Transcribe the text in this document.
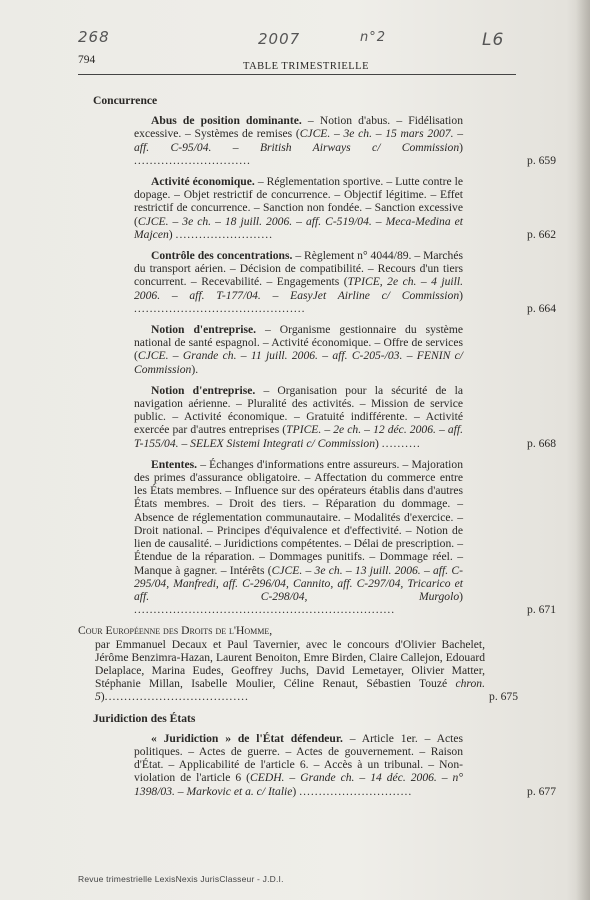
268	2007	n°2	L6
794
TABLE TRIMESTRIELLE
Concurrence
Abus de position dominante. – Notion d'abus. – Fidélisation excessive. – Systèmes de remises (CJCE. – 3e ch. – 15 mars 2007. – aff. C-95/04. – British Airways c/ Commission) ..............................	p. 659
Activité économique. – Réglementation sportive. – Lutte contre le dopage. – Objet restrictif de concurrence. – Objectif légitime. – Effet restrictif de concurrence. – Sanction non fondée. – Sanction excessive (CJCE. – 3e ch. – 18 juill. 2006. – aff. C-519/04. – Meca-Medina et Majcen) .........................	p. 662
Contrôle des concentrations. – Règlement n° 4044/89. – Marchés du transport aérien. – Décision de compatibilité. – Recours d'un tiers concurrent. – Recevabilité. – Engagements (TPICE, 2e ch. – 4 juill. 2006. – aff. T-177/04. – EasyJet Airline c/ Commission) ............................................	p. 664
Notion d'entreprise. – Organisme gestionnaire du système national de santé espagnol. – Activité économique. – Offre de services (CJCE. – Grande ch. – 11 juill. 2006. – aff. C-205-/03. – FENIN c/ Commission).
Notion d'entreprise. – Organisation pour la sécurité de la navigation aérienne. – Pluralité des activités. – Mission de service public. – Activité économique. – Gratuité indifférente. – Activité exercée par d'autres entreprises (TPICE. – 2e ch. – 12 déc. 2006. – aff. T-155/04. – SELEX Sistemi Integrati c/ Commission) ..........	p. 668
Ententes. – Échanges d'informations entre assureurs. – Majoration des primes d'assurance obligatoire. – Affectation du commerce entre les États membres. – Influence sur des opérateurs établis dans d'autres États membres. – Droit des tiers. – Réparation du dommage. – Absence de réglementation communautaire. – Modalités d'exercice. – Droit national. – Principes d'équivalence et d'effectivité. – Notion de lien de causalité. – Juridictions compétentes. – Délai de prescription. – Étendue de la réparation. – Dommages punitifs. – Dommage réel. – Manque à gagner. – Intérêts (CJCE. – 3e ch. – 13 juill. 2006. – aff. C-295/04, Manfredi, aff. C-296/04, Cannito, aff. C-297/04, Tricarico et aff. C-298/04, Murgolo) ...................................................................	p. 671
Cour Européenne des Droits de l'Homme,
par Emmanuel Decaux et Paul Tavernier, avec le concours d'Olivier Bachelet, Jérôme Benzimra-Hazan, Laurent Benoiton, Emre Birden, Claire Callejon, Edouard Delaplace, Marina Eudes, Geoffrey Juchs, David Lemetayer, Olivier Matter, Stéphanie Millan, Isabelle Moulier, Céline Renaut, Sébastien Touzé chron. 5).....................................	p. 675
Juridiction des États
« Juridiction » de l'État défendeur. – Article 1er. – Actes politiques. – Actes de guerre. – Actes de gouvernement. – Raison d'État. – Applicabilité de l'article 6. – Accès à un tribunal. – Non-violation de l'article 6 (CEDH. – Grande ch. – 14 déc. 2006. – n° 1398/03. – Markovic et a. c/ Italie) .............................	p. 677
Revue trimestrielle LexisNexis JurisClasseur - J.D.I.
